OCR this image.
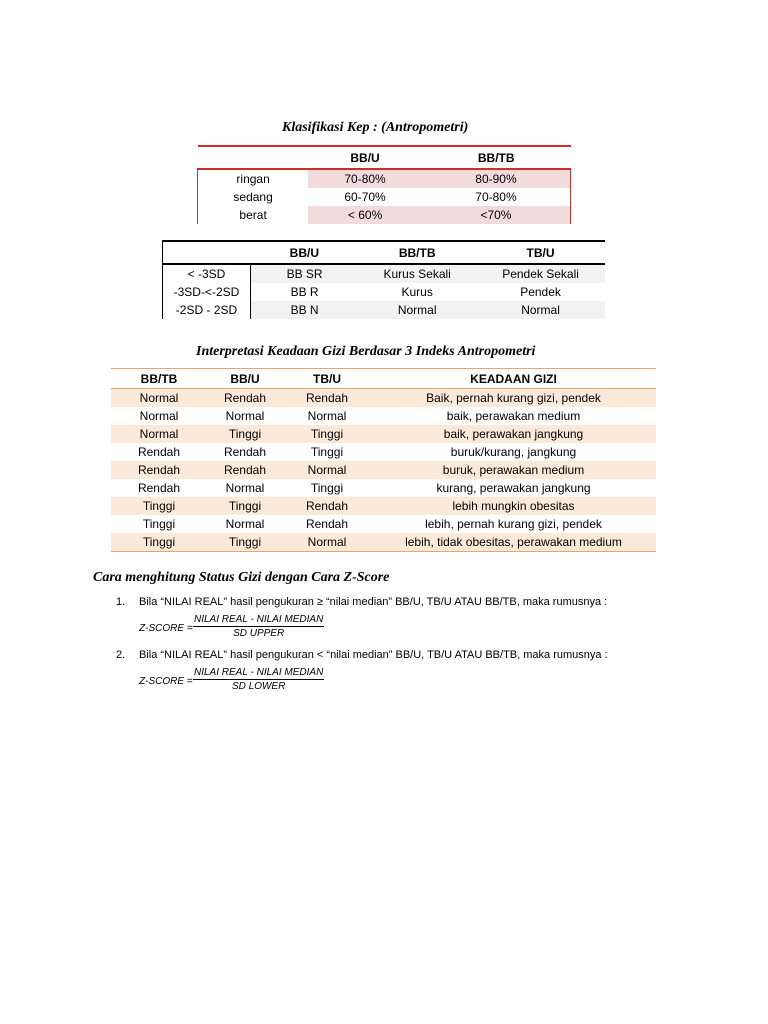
Klasifikasi Kep : (Antropometri)
	BB/U	BB/TB
ringan	70-80%	80-90%
sedang	60-70%	70-80%
berat	< 60%	<70%
	BB/U	BB/TB	TB/U
< -3SD	BB SR	Kurus Sekali	Pendek Sekali
-3SD-<-2SD	BB R	Kurus	Pendek
-2SD - 2SD	BB N	Normal	Normal
Interpretasi Keadaan Gizi Berdasar 3 Indeks Antropometri
BB/TB	BB/U	TB/U	KEADAAN GIZI
Normal	Rendah	Rendah	Baik, pernah kurang gizi, pendek
Normal	Normal	Normal	baik, perawakan medium
Normal	Tinggi	Tinggi	baik, perawakan jangkung
Rendah	Rendah	Tinggi	buruk/kurang, jangkung
Rendah	Rendah	Normal	buruk, perawakan medium
Rendah	Normal	Tinggi	kurang, perawakan jangkung
Tinggi	Tinggi	Rendah	lebih mungkin obesitas
Tinggi	Normal	Rendah	lebih, pernah kurang gizi, pendek
Tinggi	Tinggi	Normal	lebih, tidak obesitas, perawakan medium
Cara menghitung Status Gizi dengan Cara Z-Score
1. Bila “NILAI REAL” hasil pengukuran ≥ “nilai median” BB/U, TB/U ATAU BB/TB, maka rumusnya :
Z-SCORE =
NILAI REAL - NILAI MEDIAN
SD UPPER
2. Bila “NILAI REAL” hasil pengukuran < “nilai median” BB/U, TB/U ATAU BB/TB, maka rumusnya :
Z-SCORE =
NILAI REAL - NILAI MEDIAN
SD LOWER
